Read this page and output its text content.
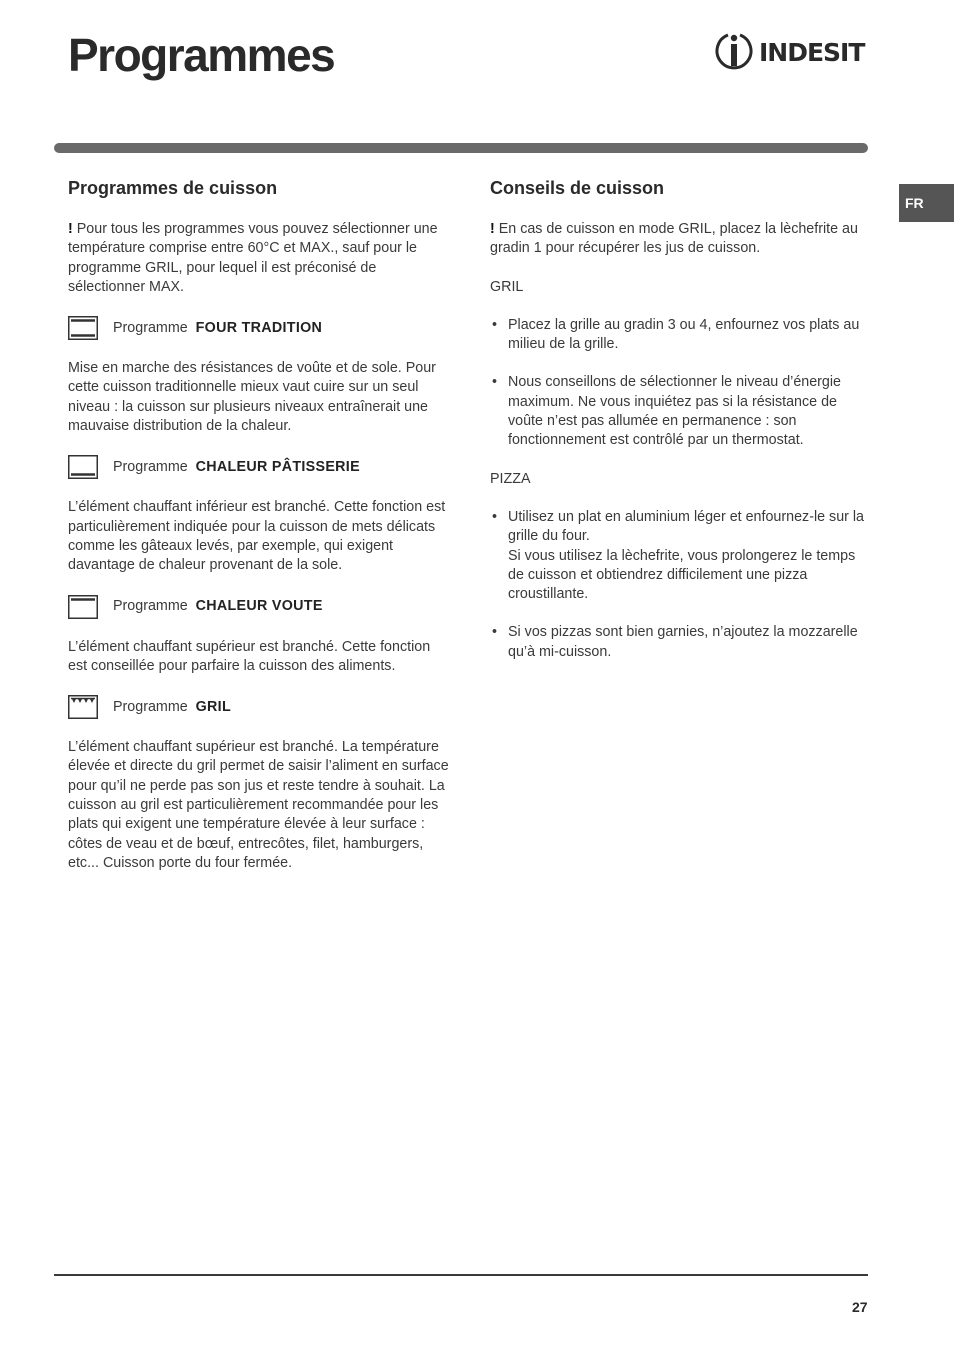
Programmes	INDESIT
FR
Programmes de cuisson

! Pour tous les programmes vous pouvez sélectionner une température comprise entre 60°C et MAX., sauf pour le programme GRIL, pour lequel il est préconisé de sélectionner MAX.

Programme FOUR TRADITION

Mise en marche des résistances de voûte et de sole. Pour cette cuisson traditionnelle mieux vaut cuire sur un seul niveau : la cuisson sur plusieurs niveaux entraînerait une mauvaise distribution de la chaleur.

Programme CHALEUR PÂTISSERIE

L’élément chauffant inférieur est branché. Cette fonction est particulièrement indiquée pour la cuisson de mets délicats comme les gâteaux levés, par exemple, qui exigent davantage de chaleur provenant de la sole.

Programme CHALEUR VOUTE

L’élément chauffant supérieur est branché. Cette fonction est conseillée pour parfaire la cuisson des aliments.

Programme GRIL

L’élément chauffant supérieur est branché. La température élevée et directe du gril permet de saisir l’aliment en surface pour qu’il ne perde pas son jus et reste tendre à souhait. La cuisson au gril est particulièrement recommandée pour les plats qui exigent une température élevée à leur surface : côtes de veau et de bœuf, entrecôtes, filet, hamburgers, etc... Cuisson porte du four fermée.

Conseils de cuisson

! En cas de cuisson en mode GRIL, placez la lèchefrite au gradin 1 pour récupérer les jus de cuisson.

GRIL

• Placez la grille au gradin 3 ou 4, enfournez vos plats au milieu de la grille.
• Nous conseillons de sélectionner le niveau d’énergie maximum. Ne vous inquiétez pas si la résistance de voûte n’est pas allumée en permanence : son fonctionnement est contrôlé par un thermostat.

PIZZA

• Utilisez un plat en aluminium léger et enfournez-le sur la grille du four.
Si vous utilisez la lèchefrite, vous prolongerez le temps de cuisson et obtiendrez difficilement une pizza croustillante.
• Si vos pizzas sont bien garnies, n’ajoutez la mozzarelle qu’à mi-cuisson.
27
